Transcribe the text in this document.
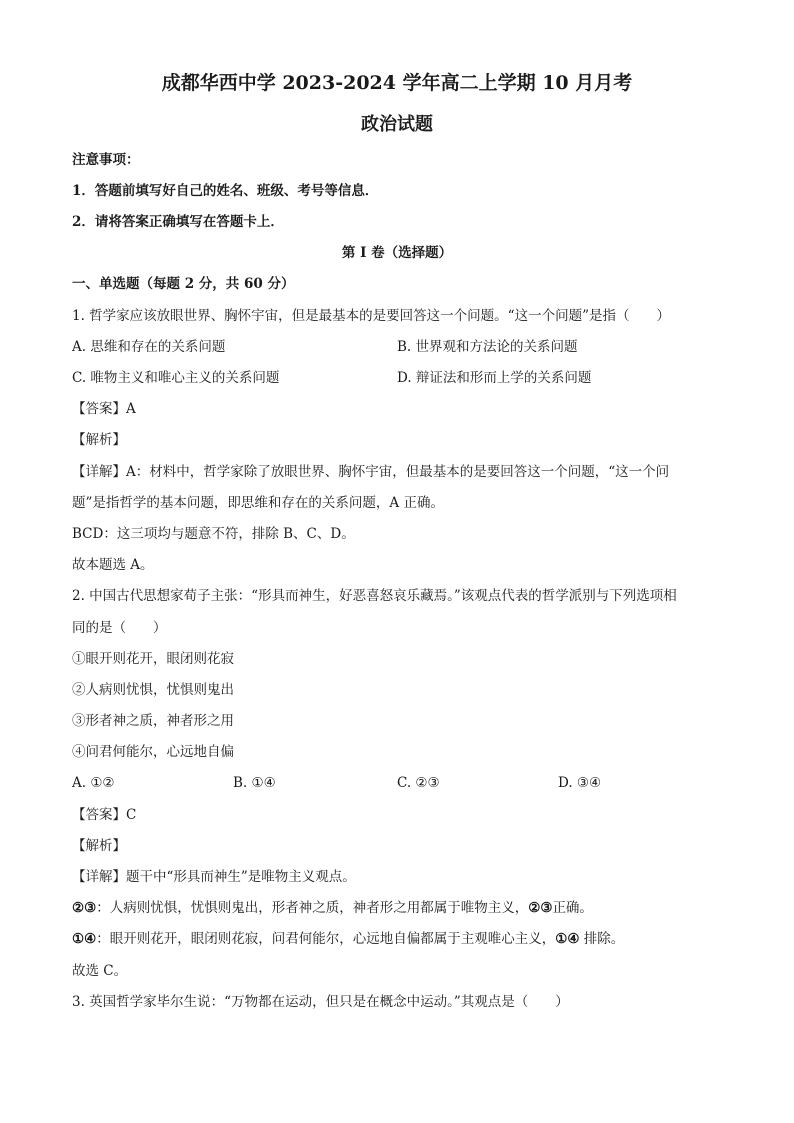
成都华西中学 2023-2024 学年高二上学期 10 月月考
政治试题
注意事项：
1．答题前填写好自己的姓名、班级、考号等信息．
2．请将答案正确填写在答题卡上．
第 I 卷（选择题）
一、单选题（每题 2 分，共 60 分）
1. 哲学家应该放眼世界、胸怀宇宙，但是最基本的是要回答这一个问题。“这一个问题”是指（　　）
A. 思维和存在的关系问题	B. 世界观和方法论的关系问题
C. 唯物主义和唯心主义的关系问题	D. 辩证法和形而上学的关系问题
【答案】A
【解析】
【详解】A：材料中，哲学家除了放眼世界、胸怀宇宙，但最基本的是要回答这一个问题，“这一个问
题”是指哲学的基本问题，即思维和存在的关系问题，A 正确。
BCD：这三项均与题意不符，排除 B、C、D。
故本题选 A。
2. 中国古代思想家荀子主张：“形具而神生，好恶喜怒哀乐藏焉。”该观点代表的哲学派别与下列选项相
同的是（　　）
①眼开则花开，眼闭则花寂
②人病则忧惧，忧惧则鬼出
③形者神之质，神者形之用
④问君何能尔，心远地自偏
A. ①②	B. ①④	C. ②③	D. ③④
【答案】C
【解析】
【详解】题干中“形具而神生”是唯物主义观点。
②③：人病则忧惧，忧惧则鬼出，形者神之质，神者形之用都属于唯物主义，②③正确。
①④：眼开则花开，眼闭则花寂，问君何能尔，心远地自偏都属于主观唯心主义，①④ 排除。
故选 C。
3. 英国哲学家毕尔生说：“万物都在运动，但只是在概念中运动。”其观点是（　　）
